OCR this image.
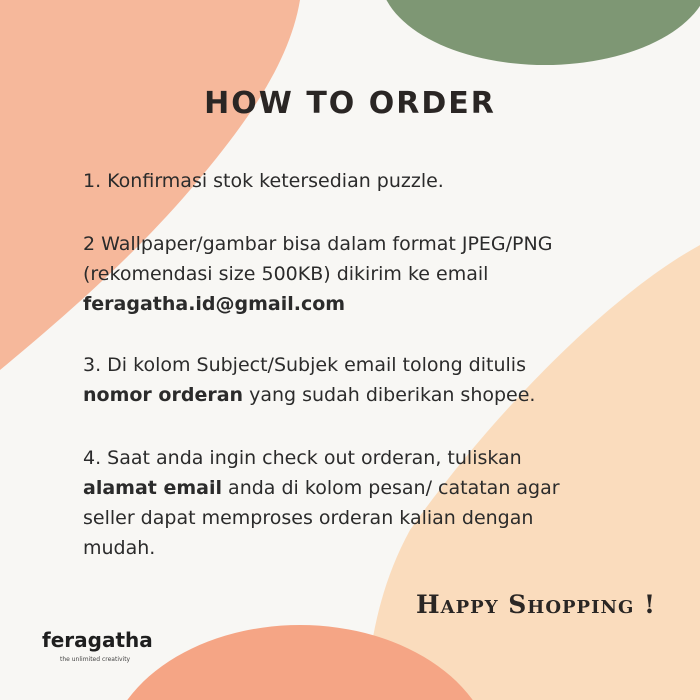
HOW TO ORDER
1. Konfirmasi stok ketersedian puzzle.
2 Wallpaper/gambar bisa dalam format JPEG/PNG
(rekomendasi size 500KB) dikirim ke email
feragatha.id@gmail.com
3. Di kolom Subject/Subjek email tolong ditulis
nomor orderan yang sudah diberikan shopee.
4. Saat anda ingin check out orderan, tuliskan
alamat email anda di kolom pesan/ catatan agar
seller dapat memproses orderan kalian dengan
mudah.
Happy Shopping !
feragatha
the unlimited creativity
